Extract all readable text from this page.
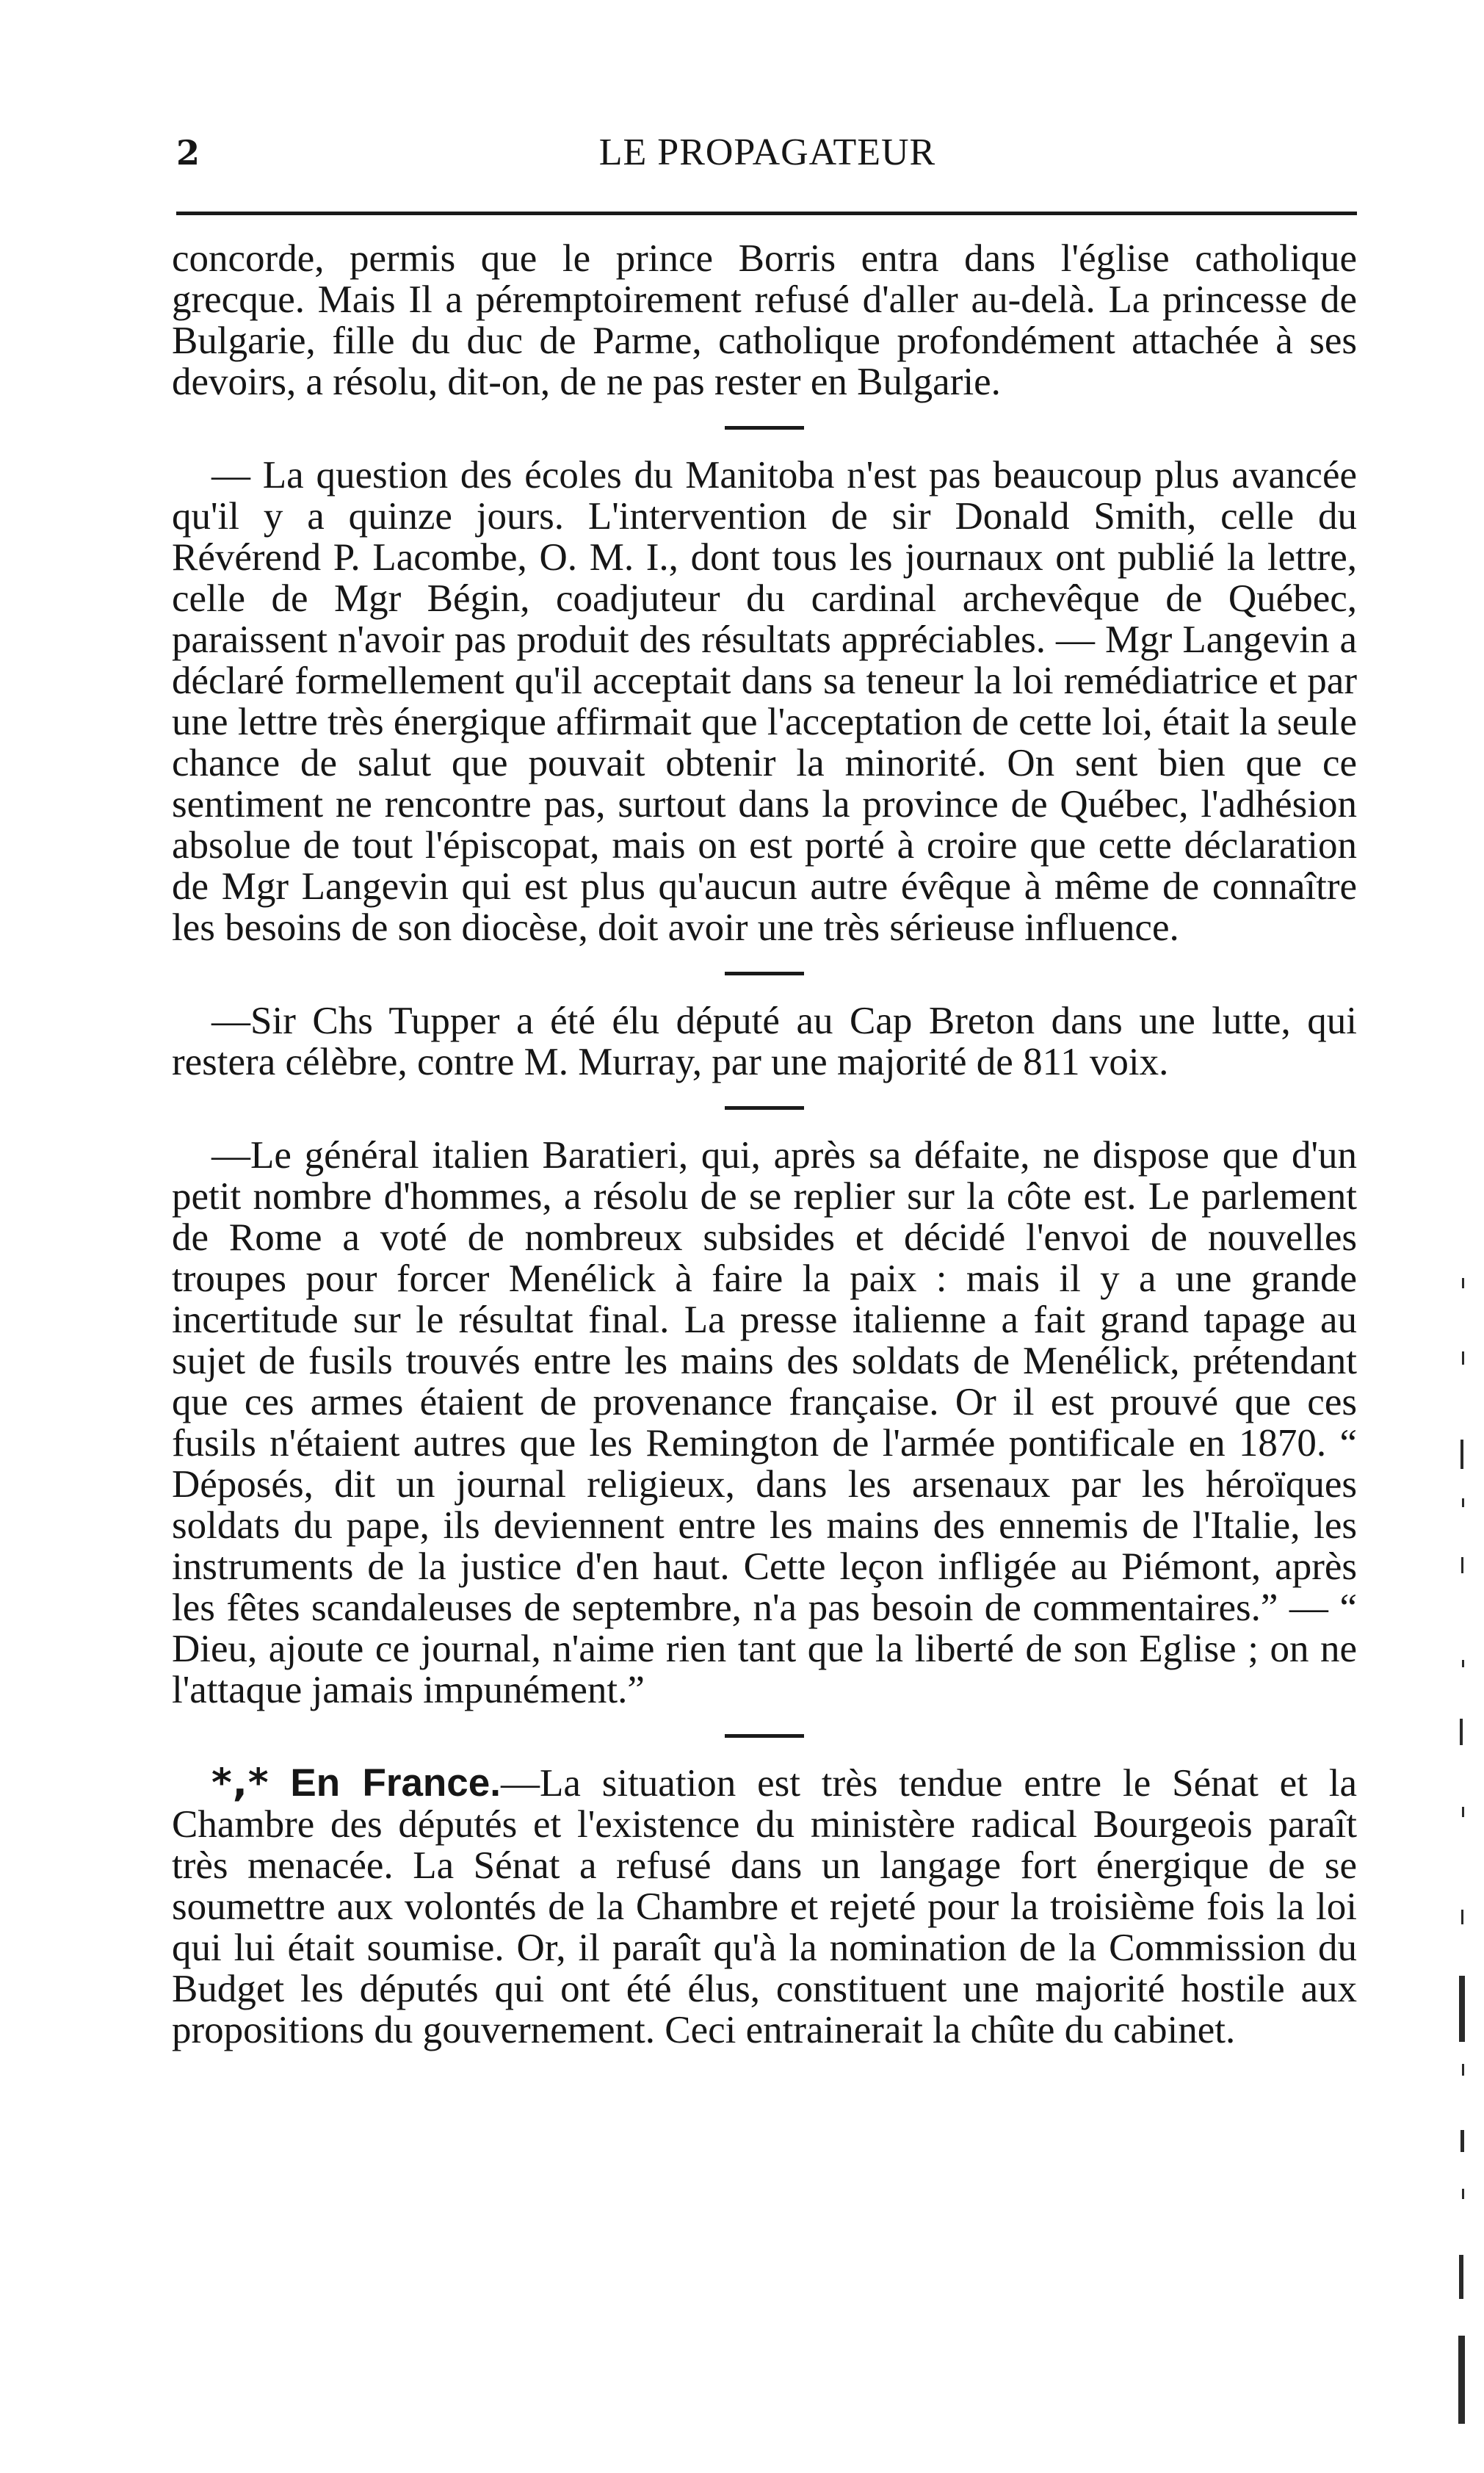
2	LE PROPAGATEUR

concorde, permis que le prince Borris entra dans l'église catholique grecque. Mais Il a péremptoirement refusé d'aller au-delà. La princesse de Bulgarie, fille du duc de Parme, catholique profondément attachée à ses devoirs, a résolu, dit-on, de ne pas rester en Bulgarie.

— La question des écoles du Manitoba n'est pas beaucoup plus avancée qu'il y a quinze jours. L'intervention de sir Donald Smith, celle du Révérend P. Lacombe, O. M. I., dont tous les journaux ont publié la lettre, celle de Mgr Bégin, coadjuteur du cardinal archevêque de Québec, paraissent n'avoir pas produit des résultats appréciables. — Mgr Langevin a déclaré formellement qu'il acceptait dans sa teneur la loi remédiatrice et par une lettre très énergique affirmait que l'acceptation de cette loi, était la seule chance de salut que pouvait obtenir la minorité. On sent bien que ce sentiment ne rencontre pas, surtout dans la province de Québec, l'adhésion absolue de tout l'épiscopat, mais on est porté à croire que cette déclaration de Mgr Langevin qui est plus qu'aucun autre évêque à même de connaître les besoins de son diocèse, doit avoir une très sérieuse influence.

—Sir Chs Tupper a été élu député au Cap Breton dans une lutte, qui restera célèbre, contre M. Murray, par une majorité de 811 voix.

—Le général italien Baratieri, qui, après sa défaite, ne dispose que d'un petit nombre d'hommes, a résolu de se replier sur la côte est. Le parlement de Rome a voté de nombreux subsides et décidé l'envoi de nouvelles troupes pour forcer Menélick à faire la paix : mais il y a une grande incertitude sur le résultat final. La presse italienne a fait grand tapage au sujet de fusils trouvés entre les mains des soldats de Menélick, prétendant que ces armes étaient de provenance française. Or il est prouvé que ces fusils n'étaient autres que les Remington de l'armée pontificale en 1870. “ Déposés, dit un journal religieux, dans les arsenaux par les héroïques soldats du pape, ils deviennent entre les mains des ennemis de l'Italie, les instruments de la justice d'en haut. Cette leçon infligée au Piémont, après les fêtes scandaleuses de septembre, n'a pas besoin de commentaires.” — “ Dieu, ajoute ce journal, n'aime rien tant que la liberté de son Eglise ; on ne l'attaque jamais impunément.”

*,* En France.—La situation est très tendue entre le Sénat et la Chambre des députés et l'existence du ministère radical Bourgeois paraît très menacée. La Sénat a refusé dans un langage fort énergique de se soumettre aux volontés de la Chambre et rejeté pour la troisième fois la loi qui lui était soumise. Or, il paraît qu'à la nomination de la Commission du Budget les députés qui ont été élus, constituent une majorité hostile aux propositions du gouvernement. Ceci entrainerait la chûte du cabinet.
